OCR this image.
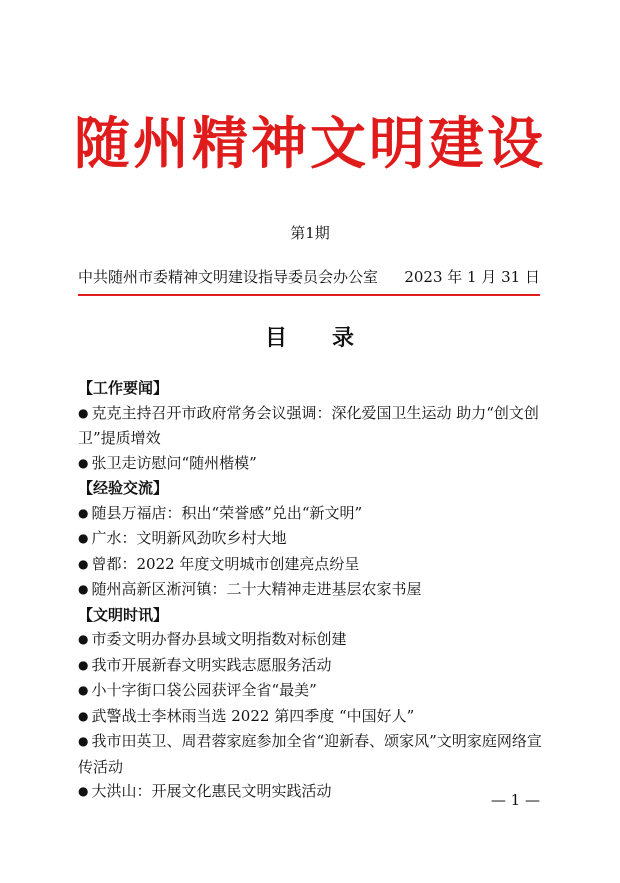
随州精神文明建设
第1期
中共随州市委精神文明建设指导委员会办公室 2023 年 1 月 31 日
目 录
【工作要闻】
● 克克主持召开市政府常务会议强调：深化爱国卫生运动 助力“创文创卫”提质增效
● 张卫走访慰问“随州楷模”
【经验交流】
● 随县万福店：积出“荣誉感”兑出“新文明”
● 广水：文明新风劲吹乡村大地
● 曾都：2022 年度文明城市创建亮点纷呈
● 随州高新区淅河镇：二十大精神走进基层农家书屋
【文明时讯】
● 市委文明办督办县域文明指数对标创建
● 我市开展新春文明实践志愿服务活动
● 小十字街口袋公园获评全省“最美”
● 武警战士李林雨当选 2022 第四季度 “中国好人”
● 我市田英卫、周君蓉家庭参加全省“迎新春、颂家风”文明家庭网络宣传活动
● 大洪山：开展文化惠民文明实践活动	— 1 —
